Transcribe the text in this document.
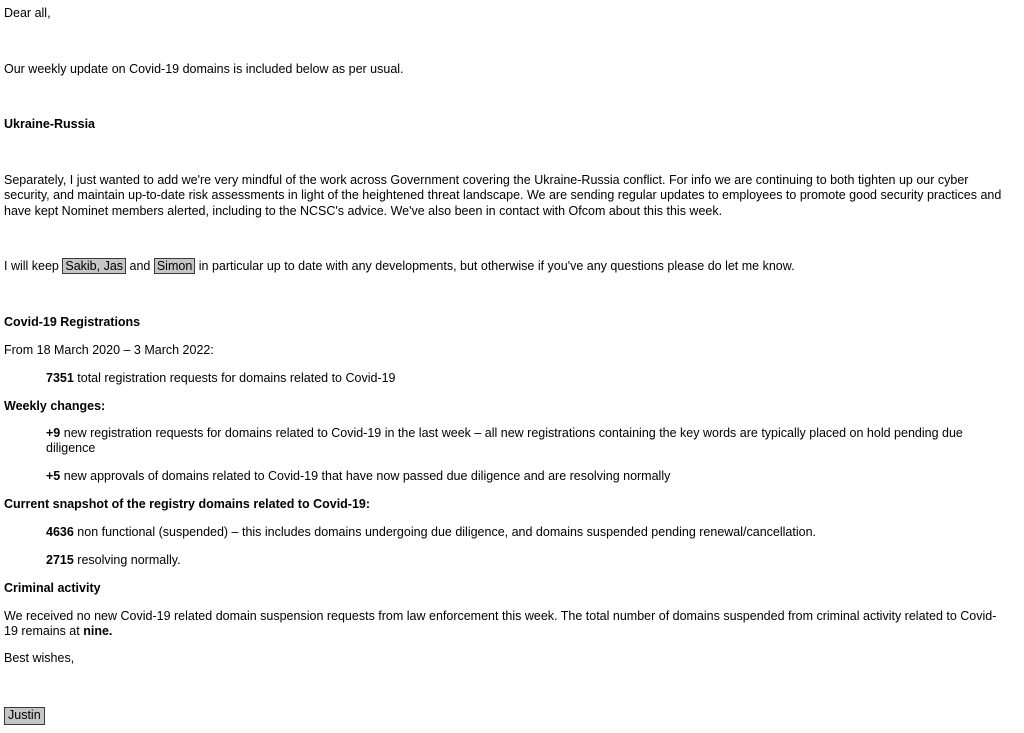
Dear all,

Our weekly update on Covid-19 domains is included below as per usual.

Ukraine-Russia

Separately, I just wanted to add we're very mindful of the work across Government covering the Ukraine-Russia conflict. For info we are continuing to both tighten up our cyber security, and maintain up-to-date risk assessments in light of the heightened threat landscape. We are sending regular updates to employees to promote good security practices and have kept Nominet members alerted, including to the NCSC's advice. We've also been in contact with Ofcom about this this week.

I will keep Sakib, Jas and Simon in particular up to date with any developments, but otherwise if you've any questions please do let me know.

Covid-19 Registrations

From 18 March 2020 – 3 March 2022:

7351 total registration requests for domains related to Covid-19

Weekly changes:

+9 new registration requests for domains related to Covid-19 in the last week – all new registrations containing the key words are typically placed on hold pending due diligence

+5 new approvals of domains related to Covid-19 that have now passed due diligence and are resolving normally

Current snapshot of the registry domains related to Covid-19:

4636 non functional (suspended) – this includes domains undergoing due diligence, and domains suspended pending renewal/cancellation.

2715 resolving normally.

Criminal activity

We received no new Covid-19 related domain suspension requests from law enforcement this week. The total number of domains suspended from criminal activity related to Covid-19 remains at nine.

Best wishes,

Justin
